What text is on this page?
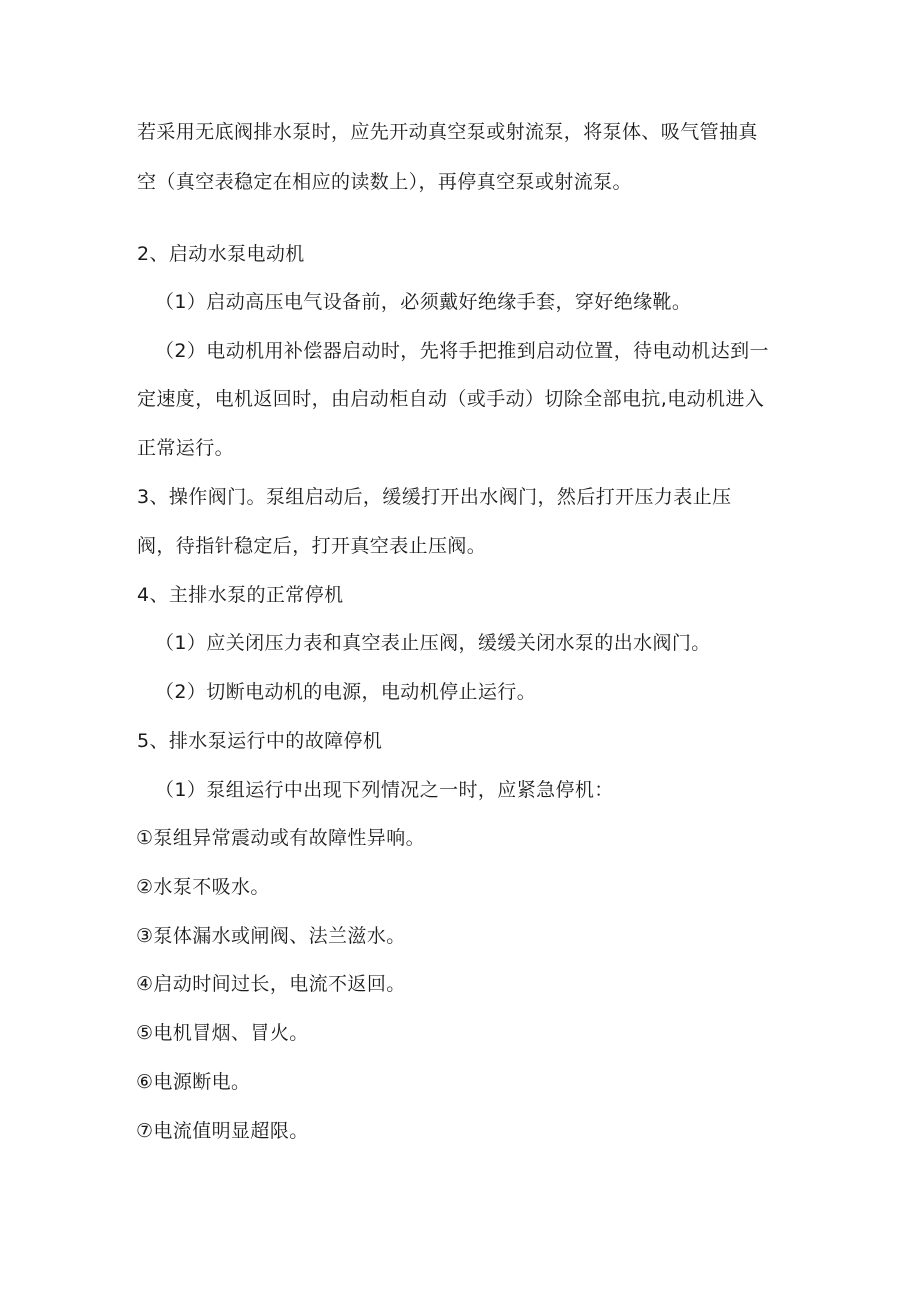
若采用无底阀排水泵时，应先开动真空泵或射流泵，将泵体、吸气管抽真
空（真空表稳定在相应的读数上），再停真空泵或射流泵。
2、启动水泵电动机
（1）启动高压电气设备前，必须戴好绝缘手套，穿好绝缘靴。
（2）电动机用补偿器启动时，先将手把推到启动位置，待电动机达到一
定速度，电机返回时，由启动柜自动（或手动）切除全部电抗,电动机进入
正常运行。
3、操作阀门。泵组启动后，缓缓打开出水阀门，然后打开压力表止压
阀，待指针稳定后，打开真空表止压阀。
4、主排水泵的正常停机
（1）应关闭压力表和真空表止压阀，缓缓关闭水泵的出水阀门。
（2）切断电动机的电源，电动机停止运行。
5、排水泵运行中的故障停机
（1）泵组运行中出现下列情况之一时，应紧急停机：
①泵组异常震动或有故障性异响。
②水泵不吸水。
③泵体漏水或闸阀、法兰滋水。
④启动时间过长，电流不返回。
⑤电机冒烟、冒火。
⑥电源断电。
⑦电流值明显超限。
